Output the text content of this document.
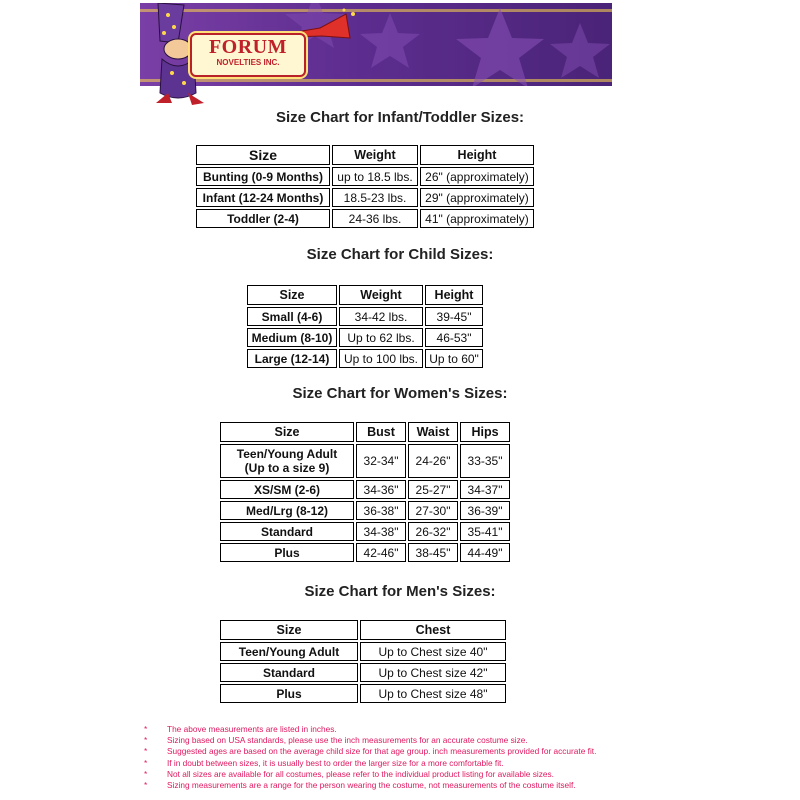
FORUM
NOVELTIES INC.
Size Chart for Infant/Toddler Sizes:
Size	Weight	Height
Bunting (0-9 Months)	up to 18.5 lbs.	26" (approximately)
Infant (12-24 Months)	18.5-23 lbs.	29" (approximately)
Toddler (2-4)	24-36 lbs.	41" (approximately)
Size Chart for Child Sizes:
Size	Weight	Height
Small (4-6)	34-42 lbs.	39-45"
Medium (8-10)	Up to 62 lbs.	46-53"
Large (12-14)	Up to 100 lbs.	Up to 60"
Size Chart for Women's Sizes:
Size	Bust	Waist	Hips
Teen/Young Adult
(Up to a size 9)	32-34"	24-26"	33-35"
XS/SM (2-6)	34-36"	25-27"	34-37"
Med/Lrg (8-12)	36-38"	27-30"	36-39"
Standard	34-38"	26-32"	35-41"
Plus	42-46"	38-45"	44-49"
Size Chart for Men's Sizes:
Size	Chest
Teen/Young Adult	Up to Chest size 40"
Standard	Up to Chest size 42"
Plus	Up to Chest size 48"
* The above measurements are listed in inches.
* Sizing based on USA standards, please use the inch measurements for an accurate costume size.
* Suggested ages are based on the average child size for that age group. inch measurements provided for accurate fit.
* If in doubt between sizes, it is usually best to order the larger size for a more comfortable fit.
* Not all sizes are available for all costumes, please refer to the individual product listing for available sizes.
* Sizing measurements are a range for the person wearing the costume, not measurements of the costume itself.
